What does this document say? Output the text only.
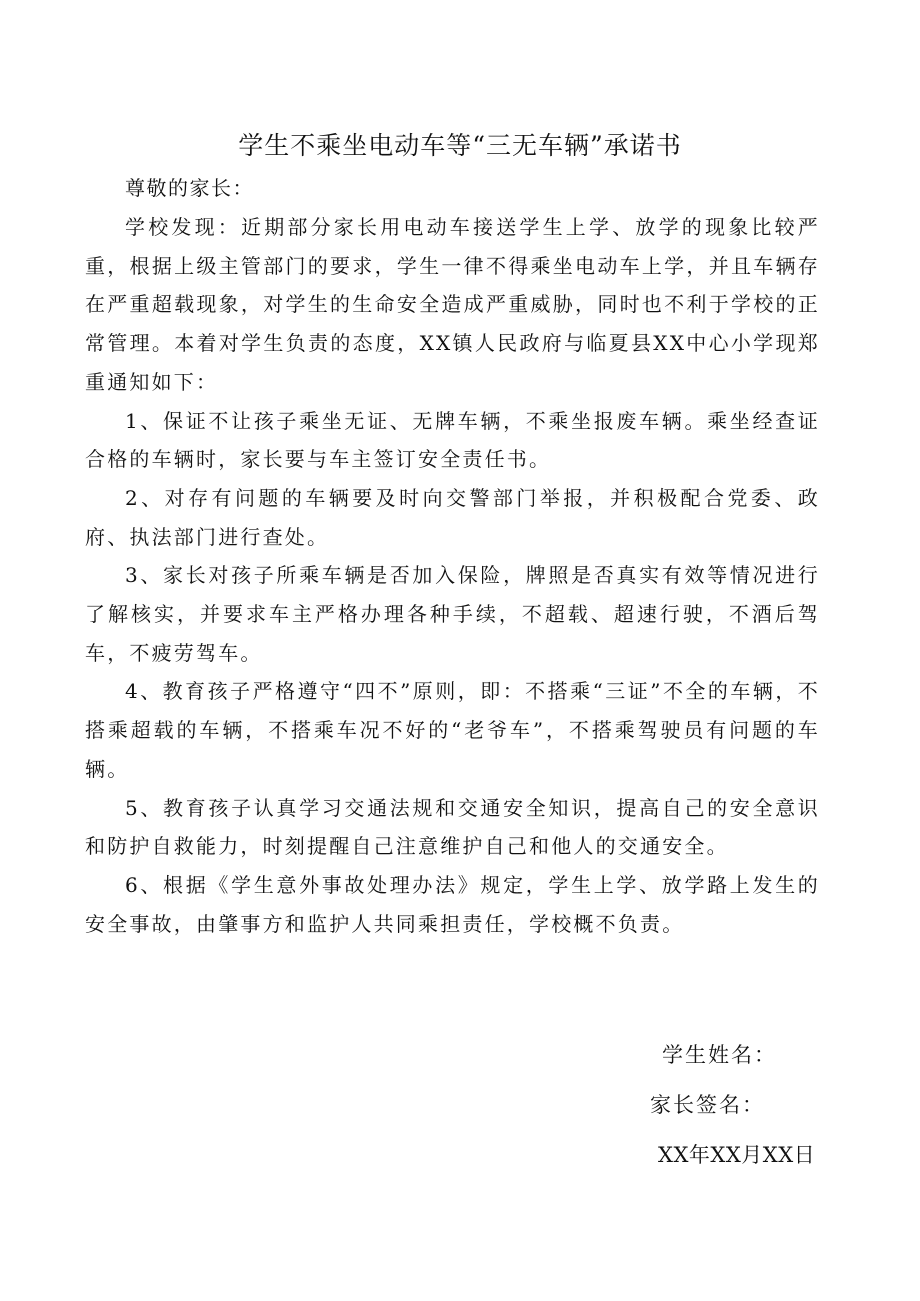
学生不乘坐电动车等“三无车辆”承诺书
尊敬的家长：

学校发现：近期部分家长用电动车接送学生上学、放学的现象比较严重，根据上级主管部门的要求，学生一律不得乘坐电动车上学，并且车辆存在严重超载现象，对学生的生命安全造成严重威胁，同时也不利于学校的正常管理。本着对学生负责的态度，XX镇人民政府与临夏县XX中心小学现郑重通知如下：

1、保证不让孩子乘坐无证、无牌车辆，不乘坐报废车辆。乘坐经查证合格的车辆时，家长要与车主签订安全责任书。

2、对存有问题的车辆要及时向交警部门举报，并积极配合党委、政府、执法部门进行查处。

3、家长对孩子所乘车辆是否加入保险，牌照是否真实有效等情况进行了解核实，并要求车主严格办理各种手续，不超载、超速行驶，不酒后驾车，不疲劳驾车。

4、教育孩子严格遵守“四不”原则，即：不搭乘“三证”不全的车辆，不搭乘超载的车辆，不搭乘车况不好的“老爷车”，不搭乘驾驶员有问题的车辆。

5、教育孩子认真学习交通法规和交通安全知识，提高自己的安全意识和防护自救能力，时刻提醒自己注意维护自己和他人的交通安全。

6、根据《学生意外事故处理办法》规定，学生上学、放学路上发生的安全事故，由肇事方和监护人共同乘担责任，学校概不负责。

学生姓名：
家长签名：
XX年XX月XX日
